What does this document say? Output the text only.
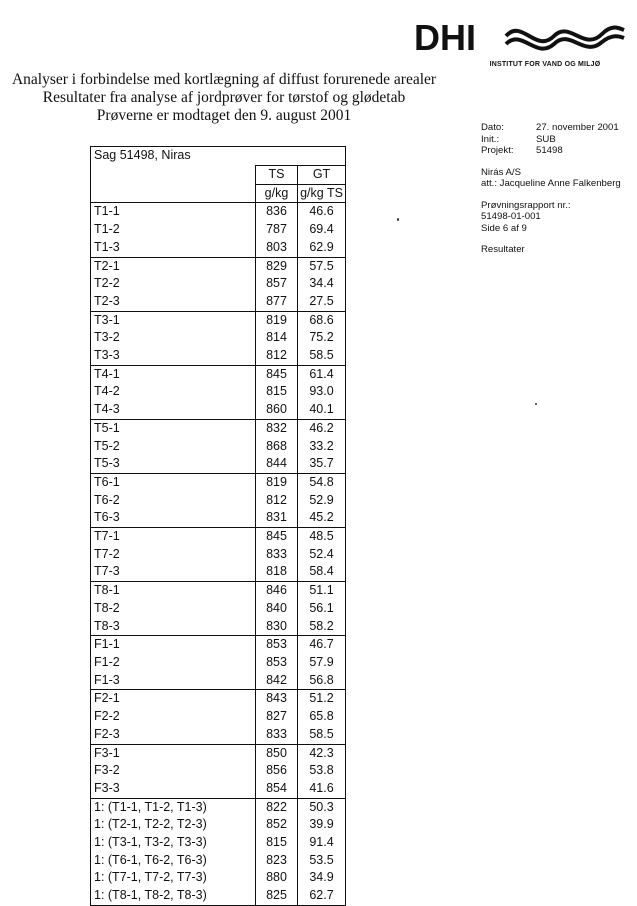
DHI
INSTITUT FOR VAND OG MILJØ
Analyser i forbindelse med kortlægning af diffust forurenede arealer
Resultater fra analyse af jordprøver for tørstof og glødetab
Prøverne er modtaget den 9. august 2001
Dato:	27. november 2001
Init.:	SUB
Projekt:	51498
Nirás A/S
att.: Jacqueline Anne Falkenberg
Prøvningsrapport nr.:
51498-01-001
Side 6 af 9
Resultater
Sag 51498, Niras		
	TS	GT
	g/kg	g/kg TS
T1-1	836	46.6
T1-2	787	69.4
T1-3	803	62.9
T2-1	829	57.5
T2-2	857	34.4
T2-3	877	27.5
T3-1	819	68.6
T3-2	814	75.2
T3-3	812	58.5
T4-1	845	61.4
T4-2	815	93.0
T4-3	860	40.1
T5-1	832	46.2
T5-2	868	33.2
T5-3	844	35.7
T6-1	819	54.8
T6-2	812	52.9
T6-3	831	45.2
T7-1	845	48.5
T7-2	833	52.4
T7-3	818	58.4
T8-1	846	51.1
T8-2	840	56.1
T8-3	830	58.2
F1-1	853	46.7
F1-2	853	57.9
F1-3	842	56.8
F2-1	843	51.2
F2-2	827	65.8
F2-3	833	58.5
F3-1	850	42.3
F3-2	856	53.8
F3-3	854	41.6
1: (T1-1, T1-2, T1-3)	822	50.3
1: (T2-1, T2-2, T2-3)	852	39.9
1: (T3-1, T3-2, T3-3)	815	91.4
1: (T6-1, T6-2, T6-3)	823	53.5
1: (T7-1, T7-2, T7-3)	880	34.9
1: (T8-1, T8-2, T8-3)	825	62.7
